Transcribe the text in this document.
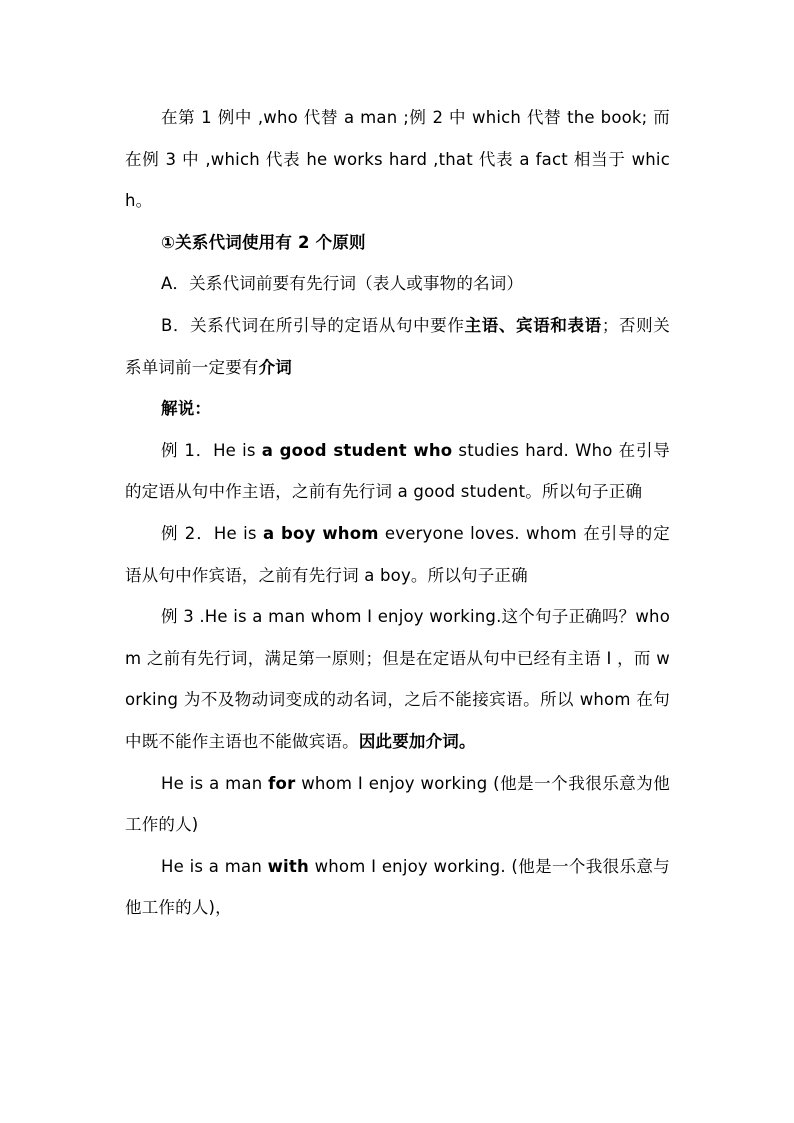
在第 1 例中 ,who 代替 a man ;例 2 中 which 代替 the book; 而在例 3 中 ,which 代表 he works hard ,that 代表 a fact 相当于 which。

①关系代词使用有 2 个原则

A．关系代词前要有先行词（表人或事物的名词）

B．关系代词在所引导的定语从句中要作主语、宾语和表语；否则关系单词前一定要有介词

解说：

例 1．He is a good student who studies hard. Who 在引导的定语从句中作主语，之前有先行词 a good student。所以句子正确

例 2．He is a boy whom everyone loves. whom 在引导的定语从句中作宾语，之前有先行词 a boy。所以句子正确

例 3 .He is a man whom I enjoy working.这个句子正确吗？whom 之前有先行词，满足第一原则；但是在定语从句中已经有主语 I ，而 working 为不及物动词变成的动名词，之后不能接宾语。所以 whom 在句中既不能作主语也不能做宾语。因此要加介词。

He is a man for whom I enjoy working (他是一个我很乐意为他工作的人)

He is a man with whom I enjoy working. (他是一个我很乐意与他工作的人)，
